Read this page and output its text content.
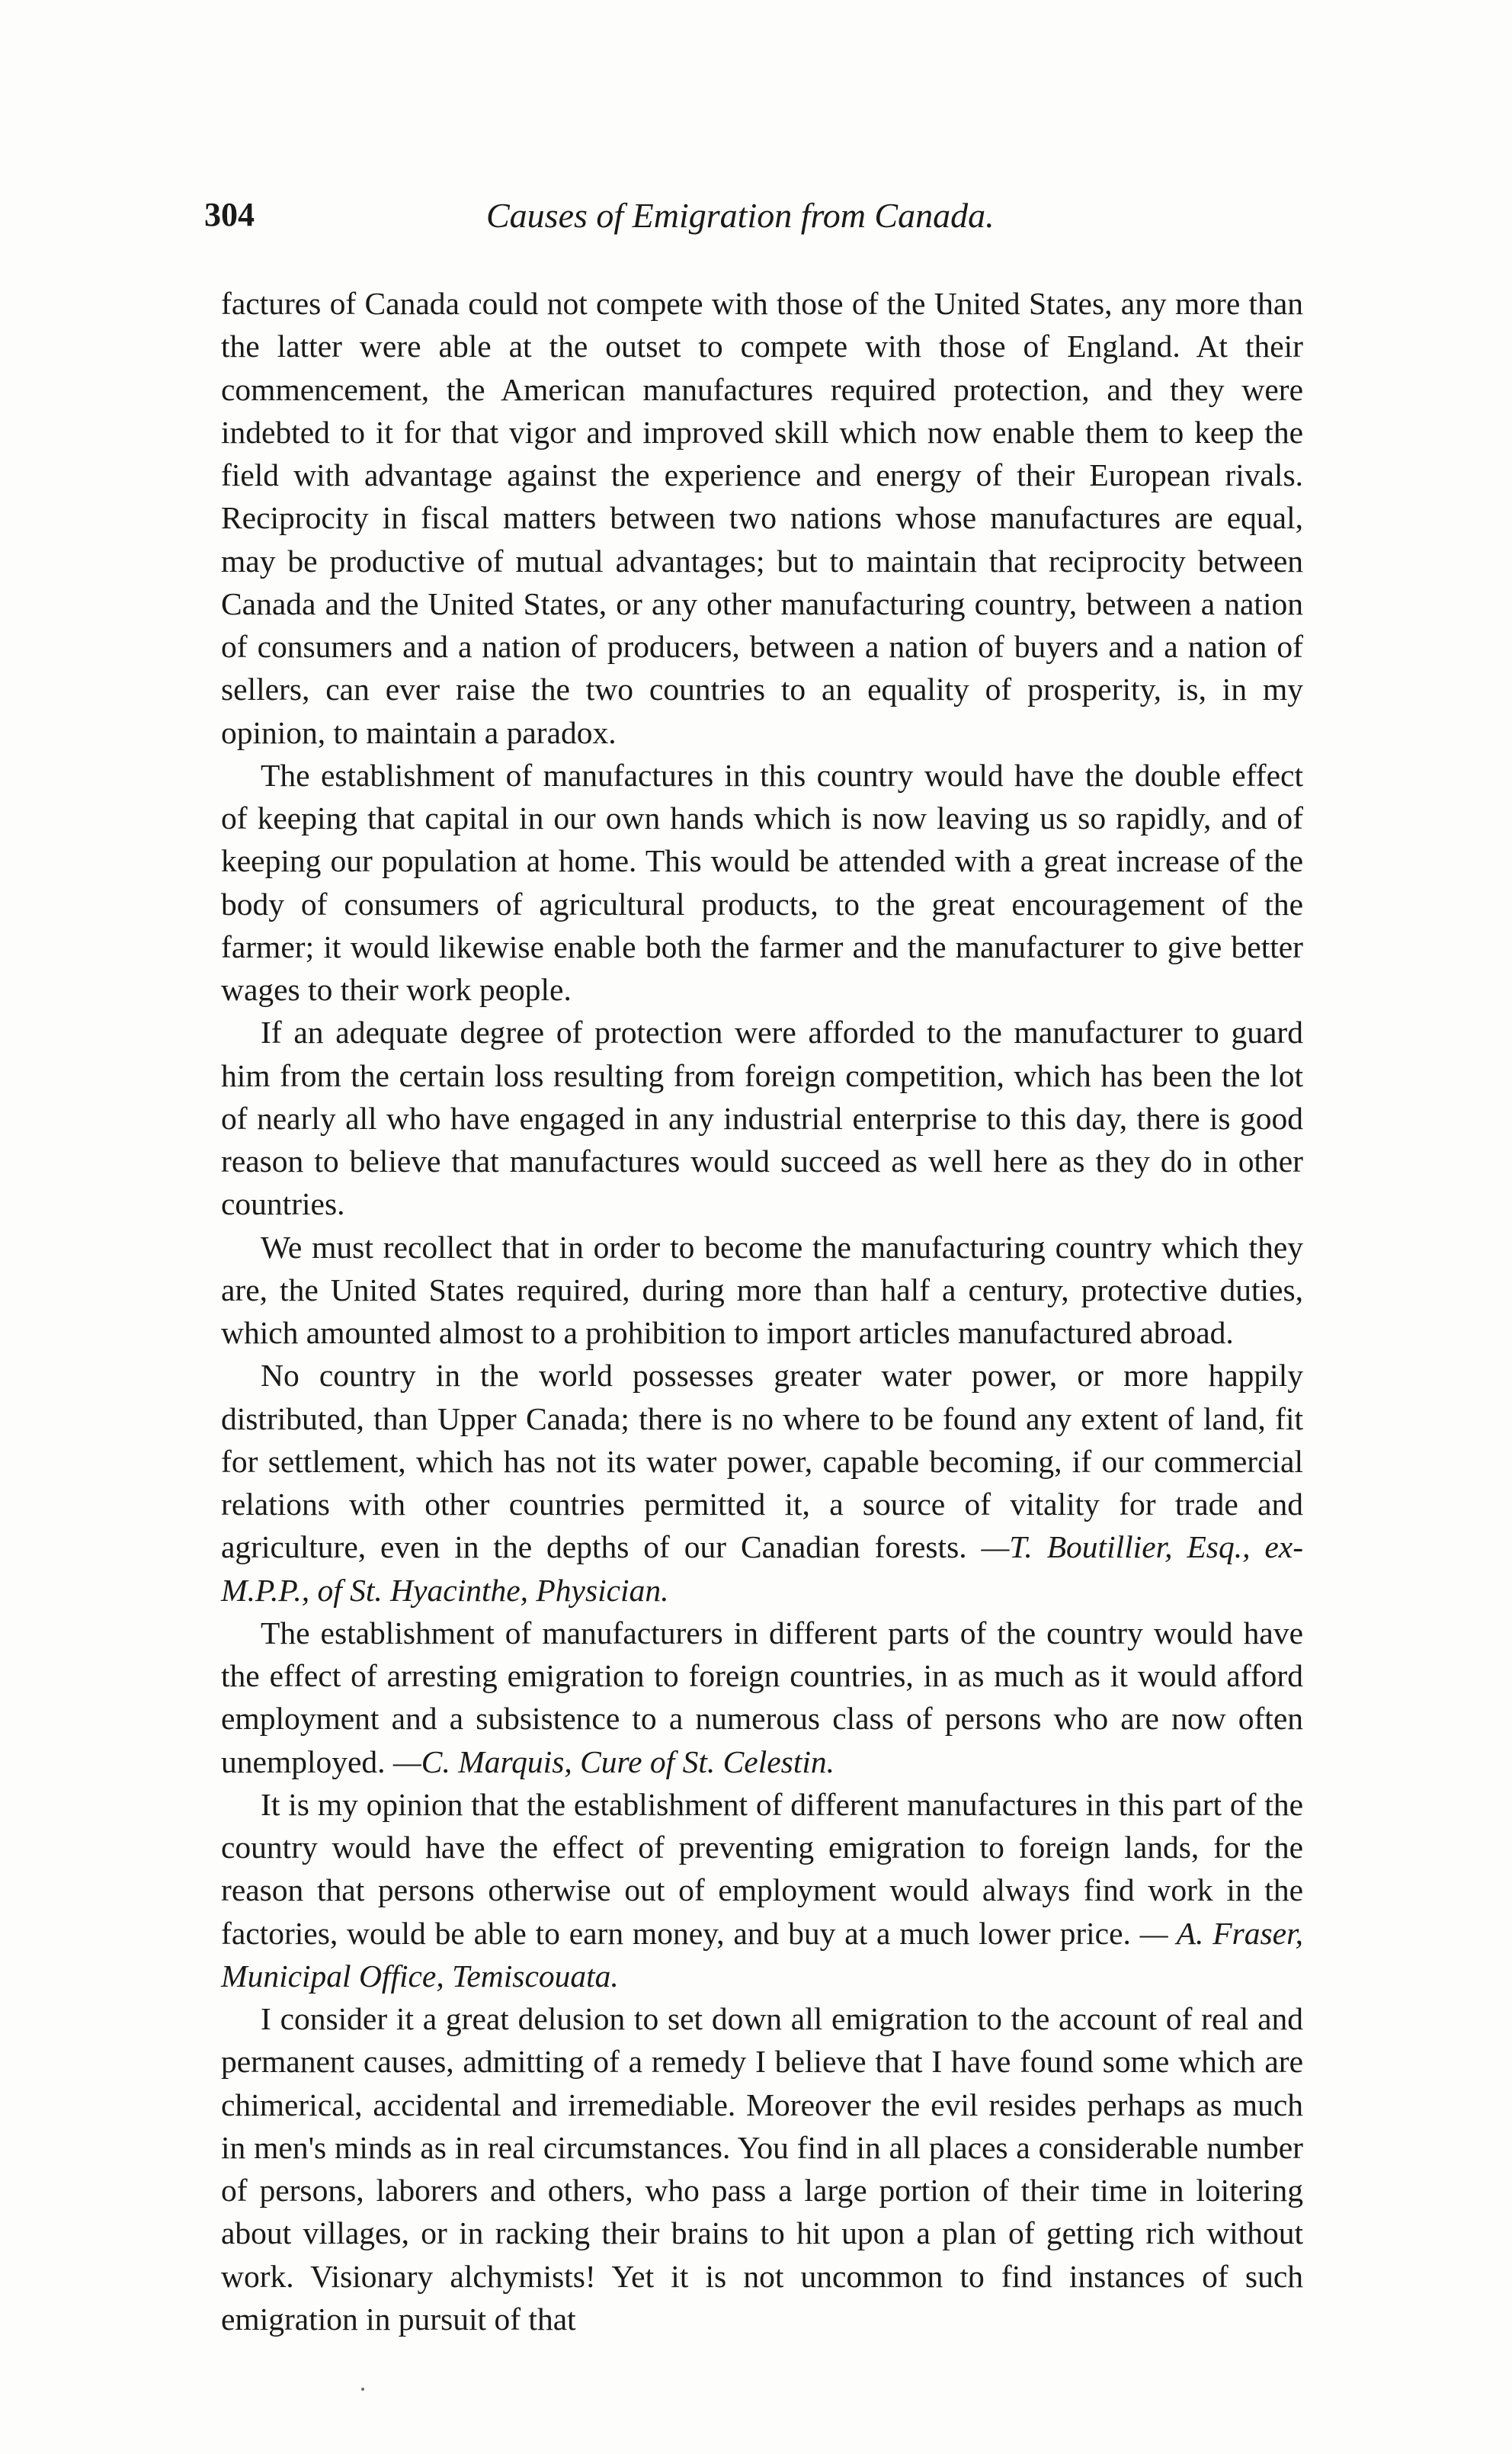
304	Causes of Emigration from Canada.

factures of Canada could not compete with those of the United States, any more than the latter were able at the outset to compete with those of England. At their commencement, the American manufactures required protection, and they were indebted to it for that vigor and improved skill which now enable them to keep the field with advantage against the experience and energy of their European rivals. Reciprocity in fiscal matters between two nations whose manufactures are equal, may be productive of mutual advantages; but to maintain that reciprocity between Canada and the United States, or any other manufacturing country, between a nation of consumers and a nation of producers, between a nation of buyers and a nation of sellers, can ever raise the two countries to an equality of prosperity, is, in my opinion, to maintain a paradox.

The establishment of manufactures in this country would have the double effect of keeping that capital in our own hands which is now leaving us so rapidly, and of keeping our population at home. This would be attended with a great increase of the body of consumers of agricultural products, to the great encouragement of the farmer; it would likewise enable both the farmer and the manufacturer to give better wages to their work people.

If an adequate degree of protection were afforded to the manufacturer to guard him from the certain loss resulting from foreign competition, which has been the lot of nearly all who have engaged in any industrial enterprise to this day, there is good reason to believe that manufactures would succeed as well here as they do in other countries.

We must recollect that in order to become the manufacturing country which they are, the United States required, during more than half a century, protective duties, which amounted almost to a prohibition to import articles manufactured abroad.

No country in the world possesses greater water power, or more happily distributed, than Upper Canada; there is no where to be found any extent of land, fit for settlement, which has not its water power, capable becoming, if our commercial relations with other countries permitted it, a source of vitality for trade and agriculture, even in the depths of our Canadian forests. —T. Boutillier, Esq., ex-M.P.P., of St. Hyacinthe, Physician.

The establishment of manufacturers in different parts of the country would have the effect of arresting emigration to foreign countries, in as much as it would afford employment and a subsistence to a numerous class of persons who are now often unemployed. —C. Marquis, Cure of St. Celestin.

It is my opinion that the establishment of different manufactures in this part of the country would have the effect of preventing emigration to foreign lands, for the reason that persons otherwise out of employment would always find work in the factories, would be able to earn money, and buy at a much lower price. — A. Fraser, Municipal Office, Temiscouata.

I consider it a great delusion to set down all emigration to the account of real and permanent causes, admitting of a remedy I believe that I have found some which are chimerical, accidental and irremediable. Moreover the evil resides perhaps as much in men's minds as in real circumstances. You find in all places a considerable number of persons, laborers and others, who pass a large portion of their time in loitering about villages, or in racking their brains to hit upon a plan of getting rich without work. Visionary alchymists! Yet it is not uncommon to find instances of such emigration in pursuit of that
